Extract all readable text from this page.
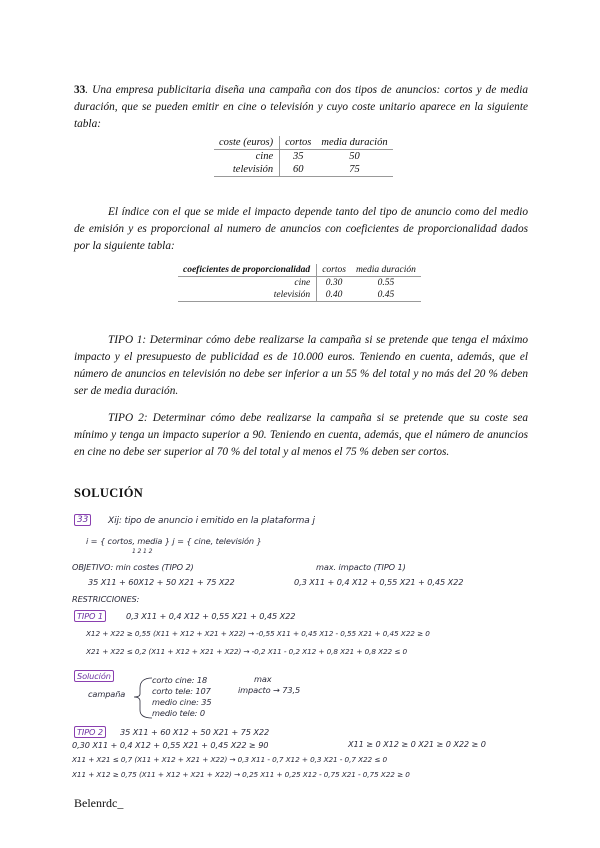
33. Una empresa publicitaria diseña una campaña con dos tipos de anuncios: cortos y de media duración, que se pueden emitir en cine o televisión y cuyo coste unitario aparece en la siguiente tabla:

coste (euros)	cortos	media duración
cine	35	50
televisión	60	75

El índice con el que se mide el impacto depende tanto del tipo de anuncio como del medio de emisión y es proporcional al numero de anuncios con coeficientes de proporcionalidad dados por la siguiente tabla:

coeficientes de proporcionalidad	cortos	media duración
cine	0.30	0.55
televisión	0.40	0.45

TIPO 1: Determinar cómo debe realizarse la campaña si se pretende que tenga el máximo impacto y el presupuesto de publicidad es de 10.000 euros. Teniendo en cuenta, además, que el número de anuncios en televisión no debe ser inferior a un 55 % del total y no más del 20 % deben ser de media duración.

TIPO 2: Determinar cómo debe realizarse la campaña si se pretende que su coste sea mínimo y tenga un impacto superior a 90. Teniendo en cuenta, además, que el número de anuncios en cine no debe ser superior al 70 % del total y al menos el 75 % deben ser cortos.

SOLUCIÓN

33	Xij: tipo de anuncio i emitido en la plataforma j
i = { cortos, media } j = { cine, televisión }
1 2 1 2
OBJETIVO: min costes (TIPO 2)	max. impacto (TIPO 1)
35 X11 + 60X12 + 50 X21 + 75 X22	0,3 X11 + 0,4 X12 + 0,55 X21 + 0,45 X22
RESTRICCIONES:
TIPO 1	0,3 X11 + 0,4 X12 + 0,55 X21 + 0,45 X22
X12 + X22 ≥ 0,55 (X11 + X12 + X21 + X22) → -0,55 X11 + 0,45 X12 - 0,55 X21 + 0,45 X22 ≥ 0
X21 + X22 ≤ 0,2 (X11 + X12 + X21 + X22) → -0,2 X11 - 0,2 X12 + 0,8 X21 + 0,8 X22 ≤ 0
Solución
campaña
corto cine: 18
corto tele: 107
medio cine: 35
medio tele: 0
max
impacto → 73,5
TIPO 2	35 X11 + 60 X12 + 50 X21 + 75 X22
X11 ≥ 0 X12 ≥ 0 X21 ≥ 0 X22 ≥ 0
0,30 X11 + 0,4 X12 + 0,55 X21 + 0,45 X22 ≥ 90
X11 + X21 ≤ 0,7 (X11 + X12 + X21 + X22) → 0,3 X11 - 0,7 X12 + 0,3 X21 - 0,7 X22 ≤ 0
X11 + X12 ≥ 0,75 (X11 + X12 + X21 + X22) → 0,25 X11 + 0,25 X12 - 0,75 X21 - 0,75 X22 ≥ 0

Belenrdc_
